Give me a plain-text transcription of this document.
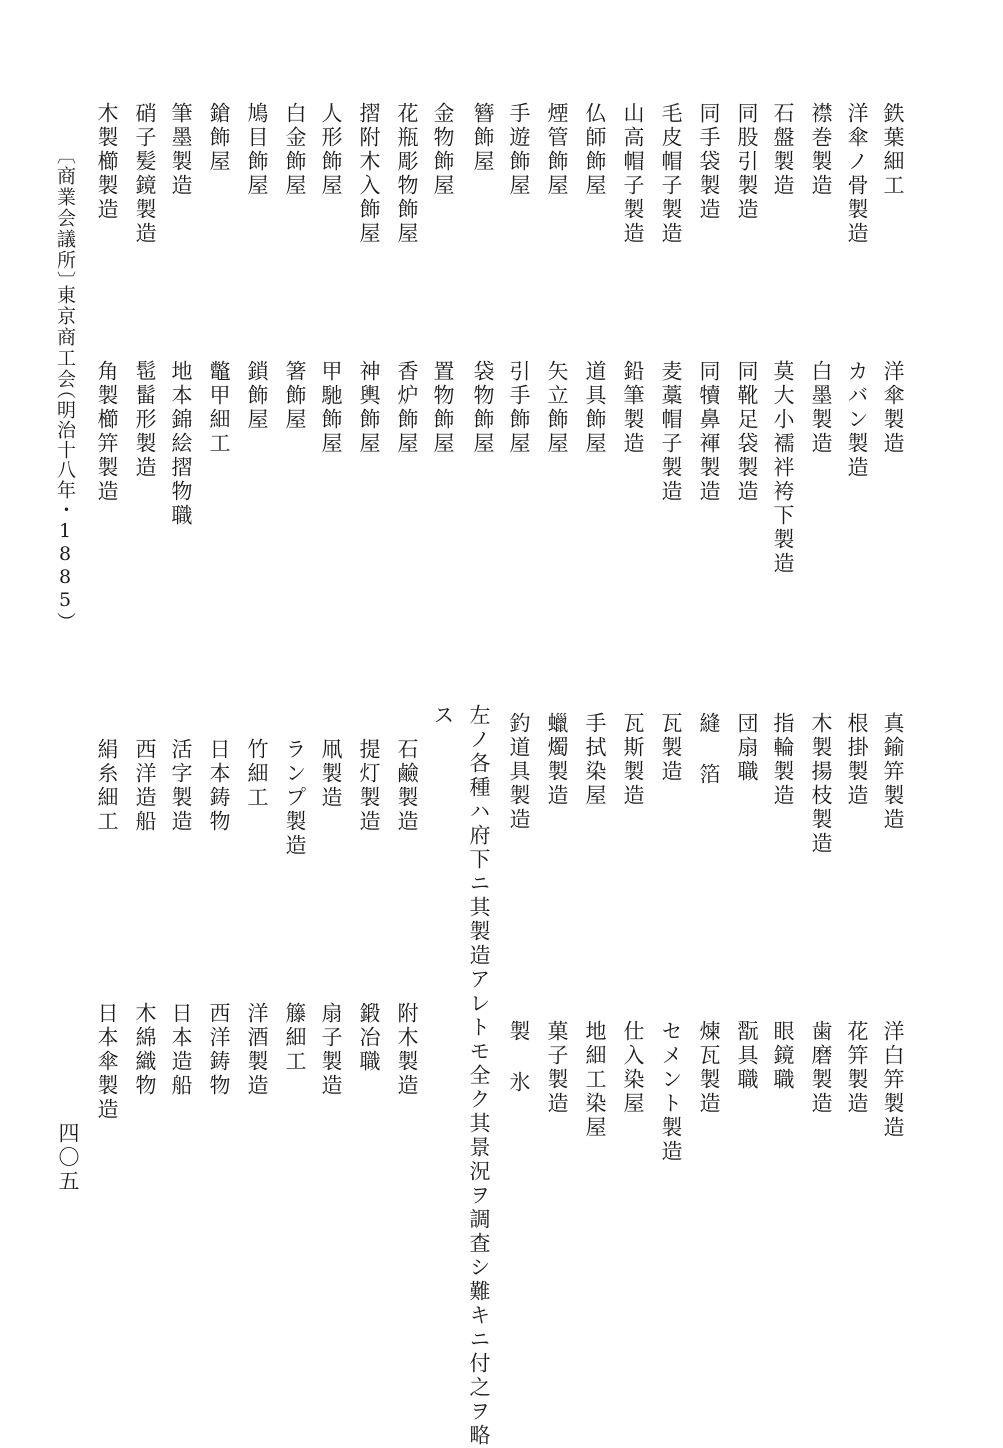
〔商業会議所〕
東京商工会
（明治十八年・1885）
四〇五
鉄葉細工
洋傘ノ骨製造
襟巻製造
石盤製造
同股引製造
同手袋製造
毛皮帽子製造
山高帽子製造
仏師飾屋
煙管飾屋
手遊飾屋
簪飾屋
金物飾屋
花瓶彫物飾屋
摺附木入飾屋
人形飾屋
白金飾屋
鳩目飾屋
鎗飾屋
筆墨製造
硝子髪鏡製造
木製櫛製造
洋傘製造
カバン製造
白墨製造
莫大小襦袢袴下製造
同靴足袋製造
同犢鼻褌製造
麦藁帽子製造
鉛筆製造
道具飾屋
矢立飾屋
引手飾屋
袋物飾屋
置物飾屋
香炉飾屋
神輿飾屋
甲馳飾屋
箸飾屋
鎖飾屋
鼈甲細工
地本錦絵摺物職
髢髷形製造
角製櫛笄製造
真鍮笄製造
根掛製造
木製揚枝製造
指輪製造
団扇職
縫 箔
瓦製造
瓦斯製造
手拭染屋
蠟燭製造
釣道具製造
洋白笄製造
花笄製造
歯磨製造
眼鏡職
翫具職
煉瓦製造
セメント製造
仕入染屋
地細工染屋
菓子製造
製 氷
左ノ各種ハ府下ニ其製造アレトモ全ク其景況ヲ調査シ難キニ付之ヲ略
ス
石鹼製造
提灯製造
凧製造
ランプ製造
竹細工
日本鋳物
活字製造
西洋造船
絹糸細工
附木製造
鍛冶職
扇子製造
籐細工
洋酒製造
西洋鋳物
日本造船
木綿織物
日本傘製造
